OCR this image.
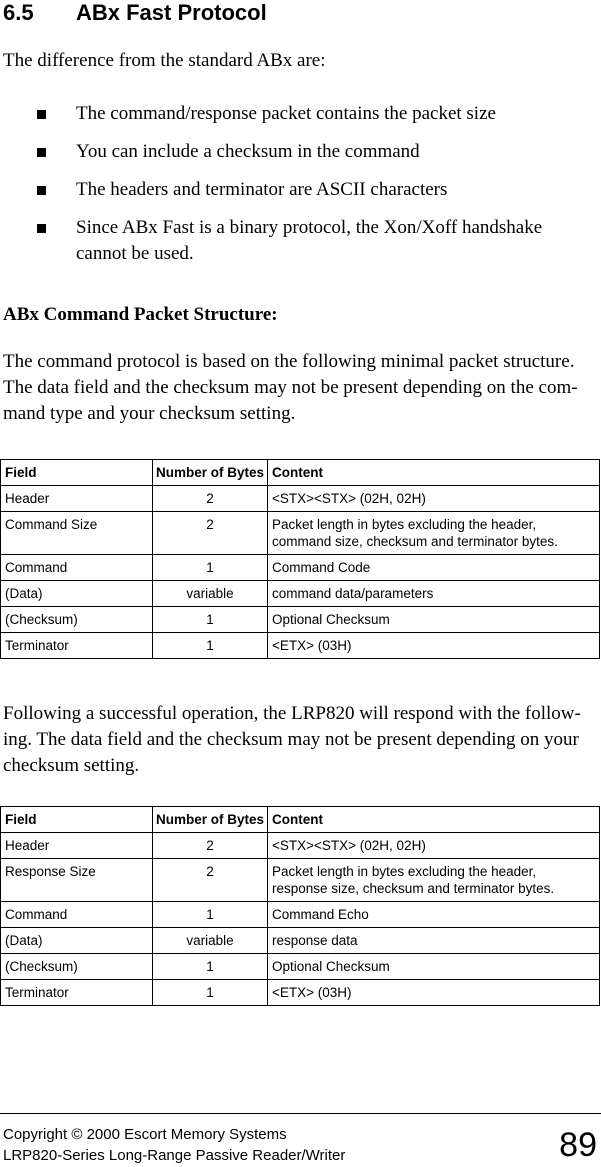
6.5 ABx Fast Protocol
The difference from the standard ABx are:
The command/response packet contains the packet size
You can include a checksum in the command
The headers and terminator are ASCII characters
Since ABx Fast is a binary protocol, the Xon/Xoff handshake cannot be used.
ABx Command Packet Structure:
The command protocol is based on the following minimal packet structure. The data field and the checksum may not be present depending on the com-mand type and your checksum setting.
Field	Number of Bytes	Content
Header	2	<STX><STX> (02H, 02H)
Command Size	2	Packet length in bytes excluding the header, command size, checksum and terminator bytes.
Command	1	Command Code
(Data)	variable	command data/parameters
(Checksum)	1	Optional Checksum
Terminator	1	<ETX> (03H)
Following a successful operation, the LRP820 will respond with the follow-ing. The data field and the checksum may not be present depending on your checksum setting.
Field	Number of Bytes	Content
Header	2	<STX><STX> (02H, 02H)
Response Size	2	Packet length in bytes excluding the header, response size, checksum and terminator bytes.
Command	1	Command Echo
(Data)	variable	response data
(Checksum)	1	Optional Checksum
Terminator	1	<ETX> (03H)
Copyright © 2000 Escort Memory Systems
LRP820-Series Long-Range Passive Reader/Writer	89
